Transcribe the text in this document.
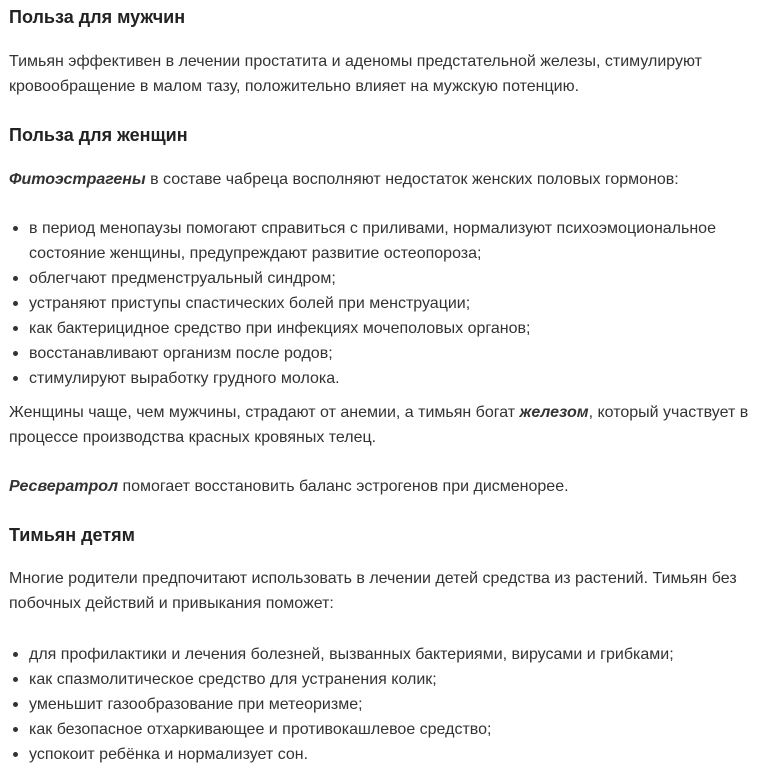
Польза для мужчин

Тимьян эффективен в лечении простатита и аденомы предстательной железы, стимулируют кровообращение в малом тазу, положительно влияет на мужскую потенцию.

Польза для женщин

Фитоэстрагены в составе чабреца восполняют недостаток женских половых гормонов:

в период менопаузы помогают справиться с приливами, нормализуют психоэмоциональное состояние женщины, предупреждают развитие остеопороза;
облегчают предменструальный синдром;
устраняют приступы спастических болей при менструации;
как бактерицидное средство при инфекциях мочеполовых органов;
восстанавливают организм после родов;
стимулируют выработку грудного молока.

Женщины чаще, чем мужчины, страдают от анемии, а тимьян богат железом, который участвует в процессе производства красных кровяных телец.

Ресвератрол помогает восстановить баланс эстрогенов при дисменорее.

Тимьян детям

Многие родители предпочитают использовать в лечении детей средства из растений. Тимьян без побочных действий и привыкания поможет:

для профилактики и лечения болезней, вызванных бактериями, вирусами и грибками;
как спазмолитическое средство для устранения колик;
уменьшит газообразование при метеоризме;
как безопасное отхаркивающее и противокашлевое средство;
успокоит ребёнка и нормализует сон.
